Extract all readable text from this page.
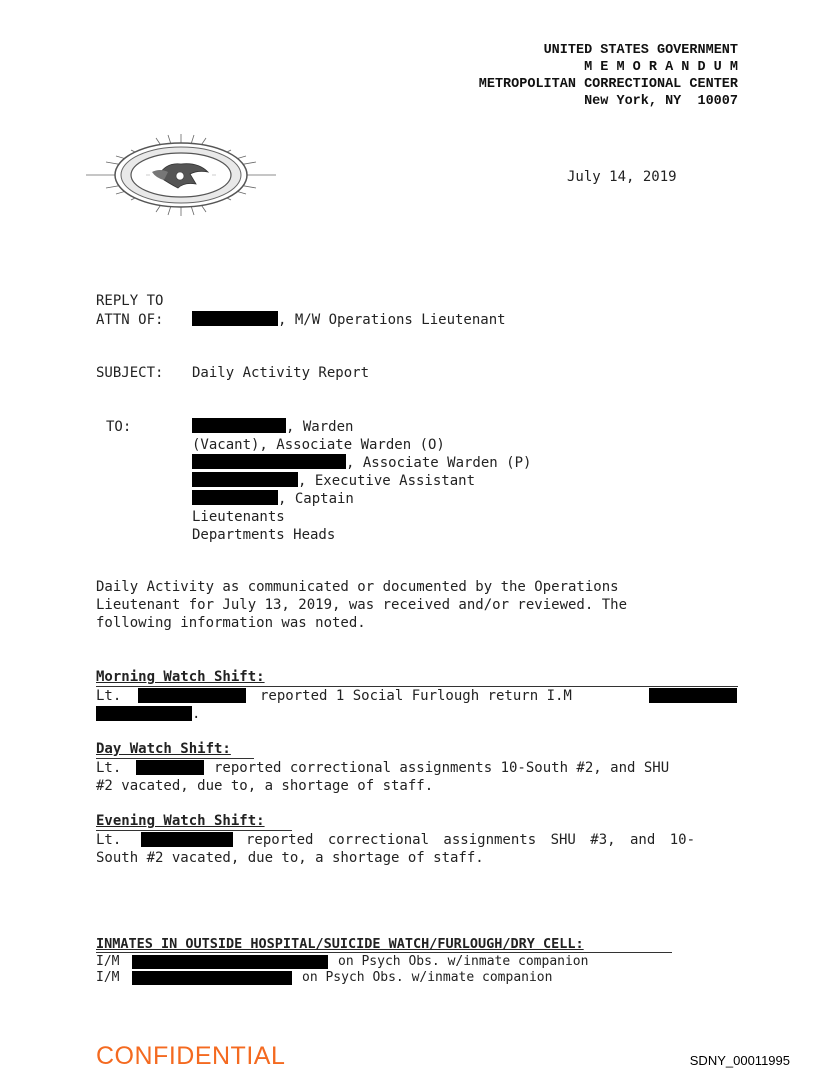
UNITED STATES GOVERNMENT
M E M O R A N D U M
METROPOLITAN CORRECTIONAL CENTER
New York, NY  10007
July 14, 2019
REPLY TO
ATTN OF:	, M/W Operations Lieutenant
SUBJECT: Daily Activity Report
TO:	, Warden
(Vacant), Associate Warden (O)
, Associate Warden (P)
, Executive Assistant
, Captain
Lieutenants
Departments Heads
Daily Activity as communicated or documented by the Operations
Lieutenant for July 13, 2019, was received and/or reviewed. The
following information was noted.
Morning Watch Shift:
Lt.	reported 1 Social Furlough return I.M
.
Day Watch Shift:
Lt.	reported correctional assignments 10-South #2, and SHU
#2 vacated, due to, a shortage of staff.
Evening Watch Shift:
Lt.	reported correctional assignments SHU #3, and 10-
South #2 vacated, due to, a shortage of staff.
INMATES IN OUTSIDE HOSPITAL/SUICIDE WATCH/FURLOUGH/DRY CELL:
I/M	on Psych Obs. w/inmate companion
I/M	on Psych Obs. w/inmate companion
CONFIDENTIAL	SDNY_00011995
